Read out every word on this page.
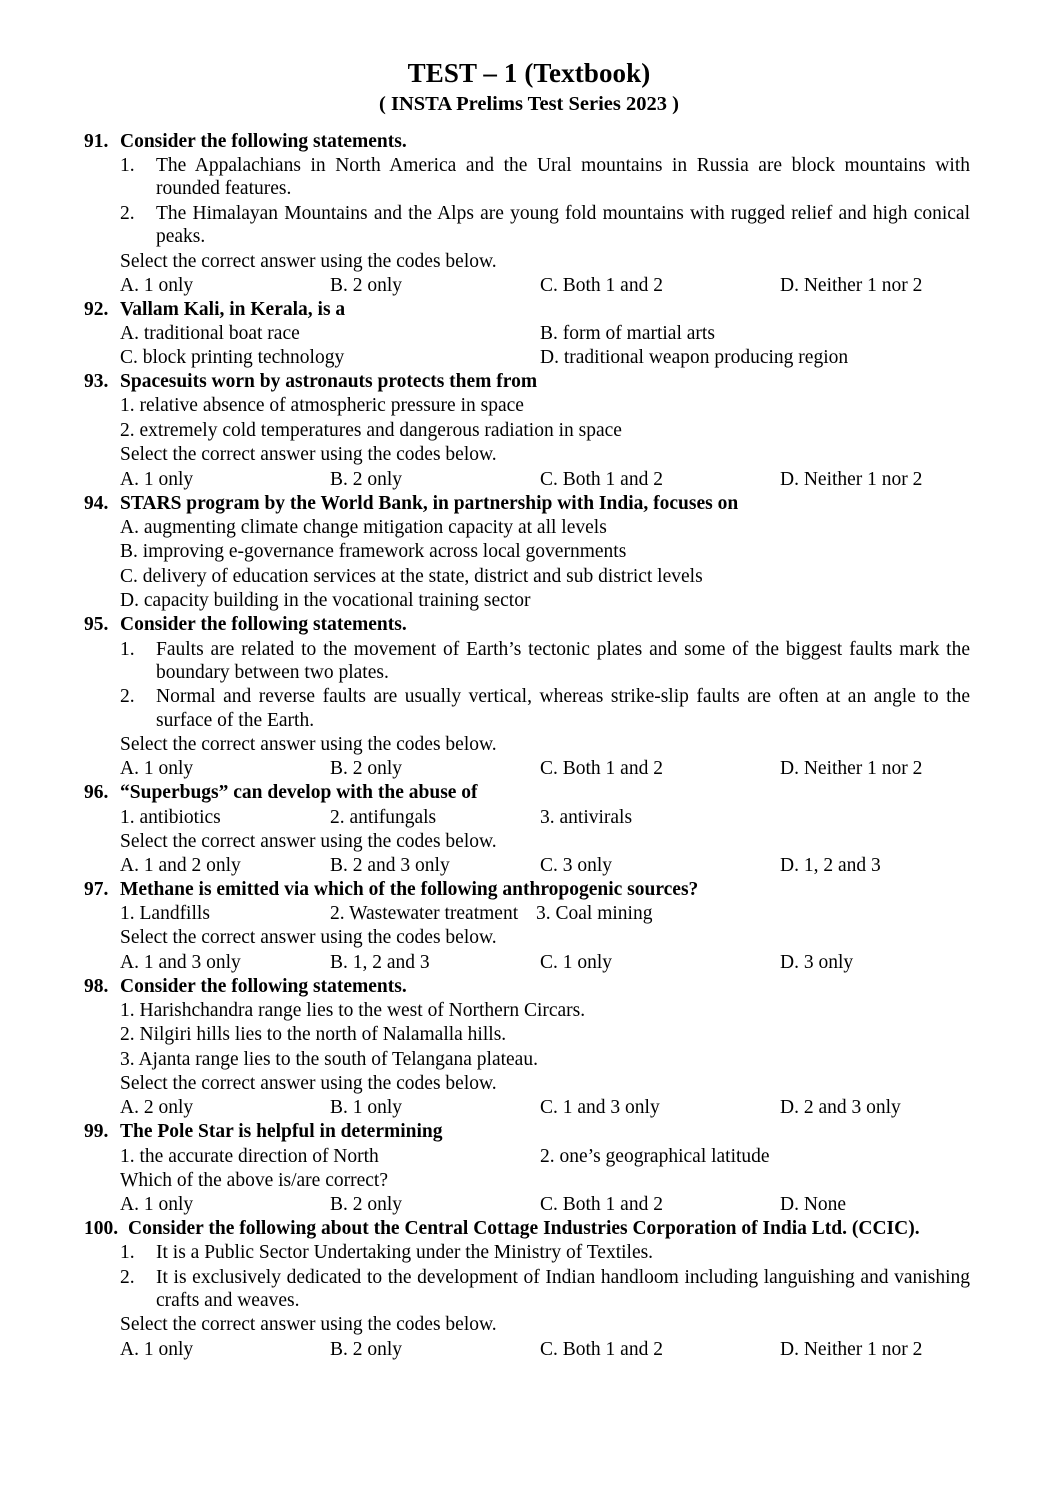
TEST – 1 (Textbook)
( INSTA Prelims Test Series 2023 )
91. Consider the following statements.
1. The Appalachians in North America and the Ural mountains in Russia are block mountains with rounded features.
2. The Himalayan Mountains and the Alps are young fold mountains with rugged relief and high conical peaks.
Select the correct answer using the codes below.
A. 1 only	B. 2 only	C. Both 1 and 2	D. Neither 1 nor 2
92. Vallam Kali, in Kerala, is a
A. traditional boat race	B. form of martial arts
C. block printing technology	D. traditional weapon producing region
93. Spacesuits worn by astronauts protects them from
1. relative absence of atmospheric pressure in space
2. extremely cold temperatures and dangerous radiation in space
Select the correct answer using the codes below.
A. 1 only	B. 2 only	C. Both 1 and 2	D. Neither 1 nor 2
94. STARS program by the World Bank, in partnership with India, focuses on
A. augmenting climate change mitigation capacity at all levels
B. improving e-governance framework across local governments
C. delivery of education services at the state, district and sub district levels
D. capacity building in the vocational training sector
95. Consider the following statements.
1. Faults are related to the movement of Earth’s tectonic plates and some of the biggest faults mark the boundary between two plates.
2. Normal and reverse faults are usually vertical, whereas strike-slip faults are often at an angle to the surface of the Earth.
Select the correct answer using the codes below.
A. 1 only	B. 2 only	C. Both 1 and 2	D. Neither 1 nor 2
96. “Superbugs” can develop with the abuse of
1. antibiotics	2. antifungals	3. antivirals
Select the correct answer using the codes below.
A. 1 and 2 only	B. 2 and 3 only	C. 3 only	D. 1, 2 and 3
97. Methane is emitted via which of the following anthropogenic sources?
1. Landfills	2. Wastewater treatment 3. Coal mining
Select the correct answer using the codes below.
A. 1 and 3 only	B. 1, 2 and 3	C. 1 only	D. 3 only
98. Consider the following statements.
1. Harishchandra range lies to the west of Northern Circars.
2. Nilgiri hills lies to the north of Nalamalla hills.
3. Ajanta range lies to the south of Telangana plateau.
Select the correct answer using the codes below.
A. 2 only	B. 1 only	C. 1 and 3 only	D. 2 and 3 only
99. The Pole Star is helpful in determining
1. the accurate direction of North	2. one’s geographical latitude
Which of the above is/are correct?
A. 1 only	B. 2 only	C. Both 1 and 2	D. None
100. Consider the following about the Central Cottage Industries Corporation of India Ltd. (CCIC).
1. It is a Public Sector Undertaking under the Ministry of Textiles.
2. It is exclusively dedicated to the development of Indian handloom including languishing and vanishing crafts and weaves.
Select the correct answer using the codes below.
A. 1 only	B. 2 only	C. Both 1 and 2	D. Neither 1 nor 2
